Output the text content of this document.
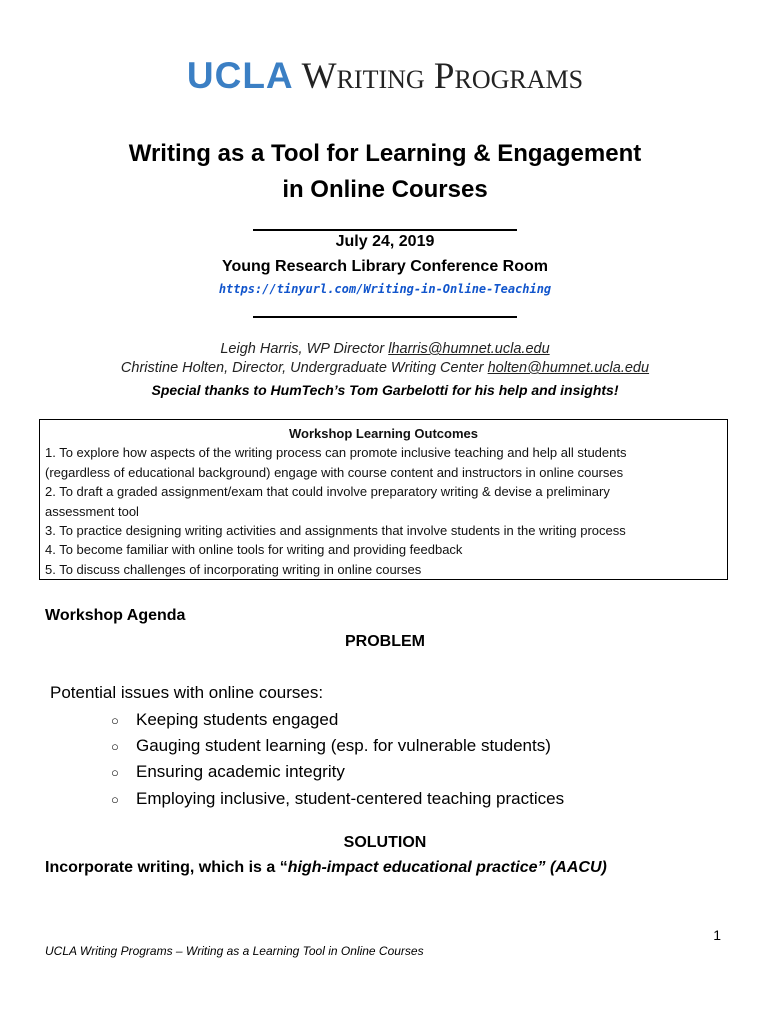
UCLA Writing Programs
Writing as a Tool for Learning & Engagement
in Online Courses
July 24, 2019
Young Research Library Conference Room
https://tinyurl.com/Writing-in-Online-Teaching
Leigh Harris, WP Director lharris@humnet.ucla.edu
Christine Holten, Director, Undergraduate Writing Center holten@humnet.ucla.edu
Special thanks to HumTech’s Tom Garbelotti for his help and insights!
Workshop Learning Outcomes
1. To explore how aspects of the writing process can promote inclusive teaching and help all students
(regardless of educational background) engage with course content and instructors in online courses
2. To draft a graded assignment/exam that could involve preparatory writing & devise a preliminary
assessment tool
3. To practice designing writing activities and assignments that involve students in the writing process
4. To become familiar with online tools for writing and providing feedback
5. To discuss challenges of incorporating writing in online courses
Workshop Agenda
PROBLEM
Potential issues with online courses:
○ Keeping students engaged
○ Gauging student learning (esp. for vulnerable students)
○ Ensuring academic integrity
○ Employing inclusive, student-centered teaching practices
SOLUTION
Incorporate writing, which is a “high-impact educational practice” (AACU)
1
UCLA Writing Programs – Writing as a Learning Tool in Online Courses
